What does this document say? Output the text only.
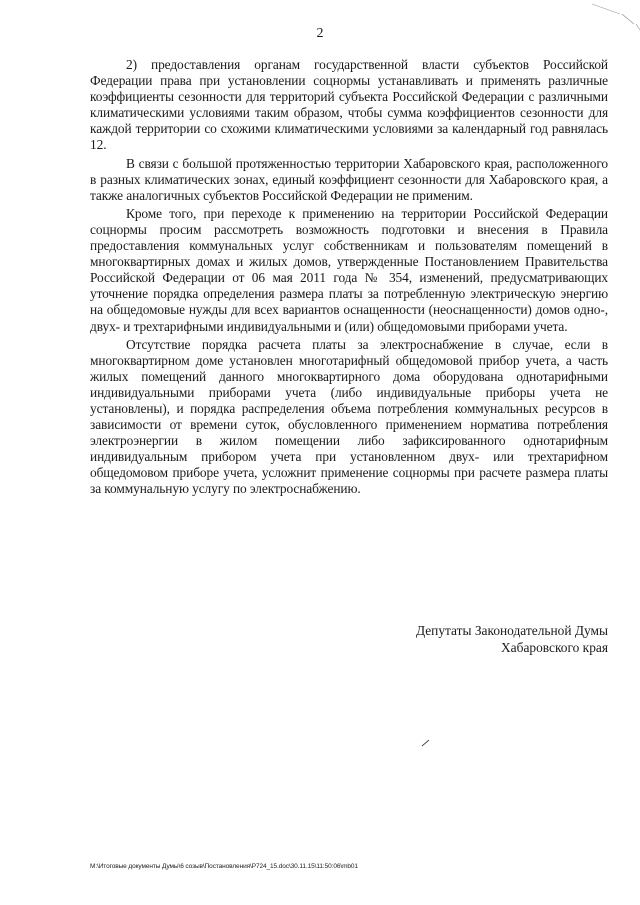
2

2) предоставления органам государственной власти субъектов Российской Федерации права при установлении соцнормы устанавливать и применять различные коэффициенты сезонности для территорий субъекта Российской Федерации с различными климатическими условиями таким образом, чтобы сумма коэффициентов сезонности для каждой территории со схожими климатическими условиями за календарный год равнялась 12.

В связи с большой протяженностью территории Хабаровского края, расположенного в разных климатических зонах, единый коэффициент сезонности для Хабаровского края, а также аналогичных субъектов Российской Федерации не применим.

Кроме того, при переходе к применению на территории Российской Федерации соцнормы просим рассмотреть возможность подготовки и внесения в Правила предоставления коммунальных услуг собственникам и пользователям помещений в многоквартирных домах и жилых домов, утвержденные Постановлением Правительства Российской Федерации от 06 мая 2011 года № 354, изменений, предусматривающих уточнение порядка определения размера платы за потребленную электрическую энергию на общедомовые нужды для всех вариантов оснащенности (неоснащенности) домов одно-, двух- и трехтарифными индивидуальными и (или) общедомовыми приборами учета.

Отсутствие порядка расчета платы за электроснабжение в случае, если в многоквартирном доме установлен многотарифный общедомовой прибор учета, а часть жилых помещений данного многоквартирного дома оборудована однотарифными индивидуальными приборами учета (либо индивидуальные приборы учета не установлены), и порядка распределения объема потребления коммунальных ресурсов в зависимости от времени суток, обусловленного применением норматива потребления электроэнергии в жилом помещении либо зафиксированного однотарифным индивидуальным прибором учета при установленном двух- или трехтарифном общедомовом приборе учета, усложнит применение соцнормы при расчете размера платы за коммунальную услугу по электроснабжению.

Депутаты Законодательной Думы
Хабаровского края
M:\Итоговые документы Думы\6 созыв\Постановления\P724_15.doc\30.11.15\11:50:06\mb01
